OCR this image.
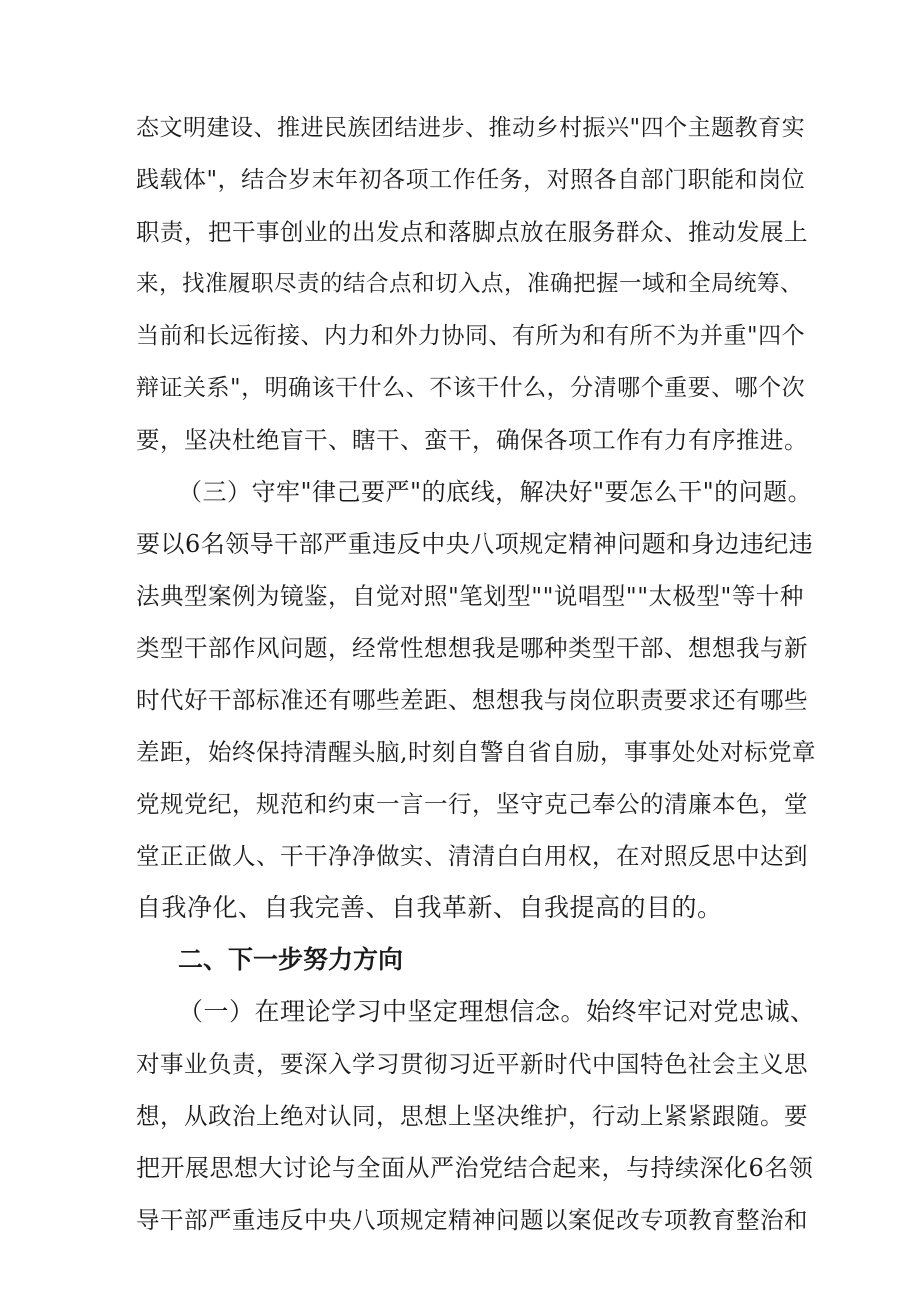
态文明建设、推进民族团结进步、推动乡村振兴"四个主题教育实
践载体"，结合岁末年初各项工作任务，对照各自部门职能和岗位
职责，把干事创业的出发点和落脚点放在服务群众、推动发展上
来，找准履职尽责的结合点和切入点，准确把握一域和全局统筹、
当前和长远衔接、内力和外力协同、有所为和有所不为并重"四个
辩证关系"，明确该干什么、不该干什么，分清哪个重要、哪个次
要，坚决杜绝盲干、瞎干、蛮干，确保各项工作有力有序推进。
（三）守牢"律己要严"的底线，解决好"要怎么干"的问题。
要以6名领导干部严重违反中央八项规定精神问题和身边违纪违
法典型案例为镜鉴，自觉对照"笔划型""说唱型""太极型"等十种
类型干部作风问题，经常性想想我是哪种类型干部、想想我与新
时代好干部标准还有哪些差距、想想我与岗位职责要求还有哪些
差距，始终保持清醒头脑,时刻自警自省自励，事事处处对标党章
党规党纪，规范和约束一言一行，坚守克己奉公的清廉本色，堂
堂正正做人、干干净净做实、清清白白用权，在对照反思中达到
自我净化、自我完善、自我革新、自我提高的目的。
二、下一步努力方向
（一）在理论学习中坚定理想信念。始终牢记对党忠诚、
对事业负责，要深入学习贯彻习近平新时代中国特色社会主义思
想，从政治上绝对认同，思想上坚决维护，行动上紧紧跟随。要
把开展思想大讨论与全面从严治党结合起来，与持续深化6名领
导干部严重违反中央八项规定精神问题以案促改专项教育整治和
